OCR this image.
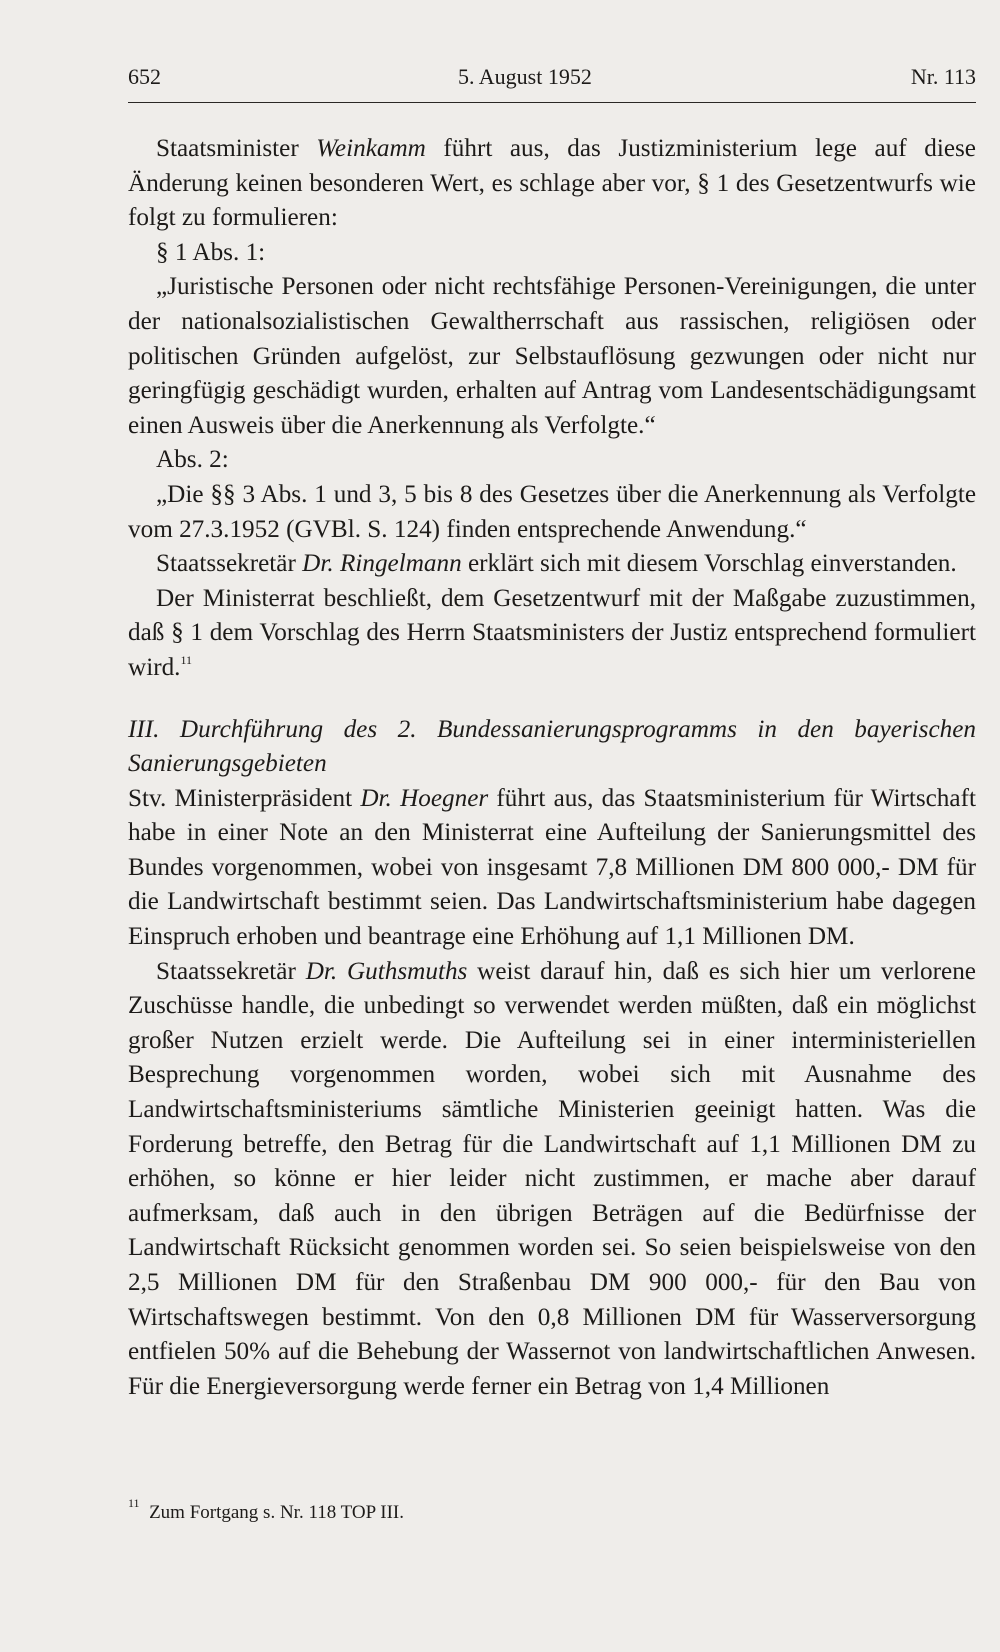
652	5. August 1952	Nr. 113

Staatsminister Weinkamm führt aus, das Justizministerium lege auf diese Änderung keinen besonderen Wert, es schlage aber vor, § 1 des Gesetzentwurfs wie folgt zu formulieren:

§ 1 Abs. 1:

„Juristische Personen oder nicht rechtsfähige Personen-Vereinigungen, die unter der nationalsozialistischen Gewaltherrschaft aus rassischen, religiösen oder politischen Gründen aufgelöst, zur Selbstauflösung gezwungen oder nicht nur geringfügig geschädigt wurden, erhalten auf Antrag vom Landesentschädigungsamt einen Ausweis über die Anerkennung als Verfolgte.“

Abs. 2:

„Die §§ 3 Abs. 1 und 3, 5 bis 8 des Gesetzes über die Anerkennung als Verfolgte vom 27.3.1952 (GVBl. S. 124) finden entsprechende Anwendung.“

Staatssekretär Dr. Ringelmann erklärt sich mit diesem Vorschlag einverstanden.

Der Ministerrat beschließt, dem Gesetzentwurf mit der Maßgabe zuzustimmen, daß § 1 dem Vorschlag des Herrn Staatsministers der Justiz entsprechend formuliert wird.$^{11}$

III. Durchführung des 2. Bundessanierungsprogramms in den bayerischen Sanierungsgebieten

Stv. Ministerpräsident Dr. Hoegner führt aus, das Staatsministerium für Wirtschaft habe in einer Note an den Ministerrat eine Aufteilung der Sanierungsmittel des Bundes vorgenommen, wobei von insgesamt 7,8 Millionen DM 800 000,- DM für die Landwirtschaft bestimmt seien. Das Landwirtschaftsministerium habe dagegen Einspruch erhoben und beantrage eine Erhöhung auf 1,1 Millionen DM.

Staatssekretär Dr. Guthsmuths weist darauf hin, daß es sich hier um verlorene Zuschüsse handle, die unbedingt so verwendet werden müßten, daß ein möglichst großer Nutzen erzielt werde. Die Aufteilung sei in einer interministeriellen Besprechung vorgenommen worden, wobei sich mit Ausnahme des Landwirtschaftsministeriums sämtliche Ministerien geeinigt hatten. Was die Forderung betreffe, den Betrag für die Landwirtschaft auf 1,1 Millionen DM zu erhöhen, so könne er hier leider nicht zustimmen, er mache aber darauf aufmerksam, daß auch in den übrigen Beträgen auf die Bedürfnisse der Landwirtschaft Rücksicht genommen worden sei. So seien beispielsweise von den 2,5 Millionen DM für den Straßenbau DM 900 000,- für den Bau von Wirtschaftswegen bestimmt. Von den 0,8 Millionen DM für Wasserversorgung entfielen 50% auf die Behebung der Wassernot von landwirtschaftlichen Anwesen. Für die Energieversorgung werde ferner ein Betrag von 1,4 Millionen

$^{11}$ Zum Fortgang s. Nr. 118 TOP III.
